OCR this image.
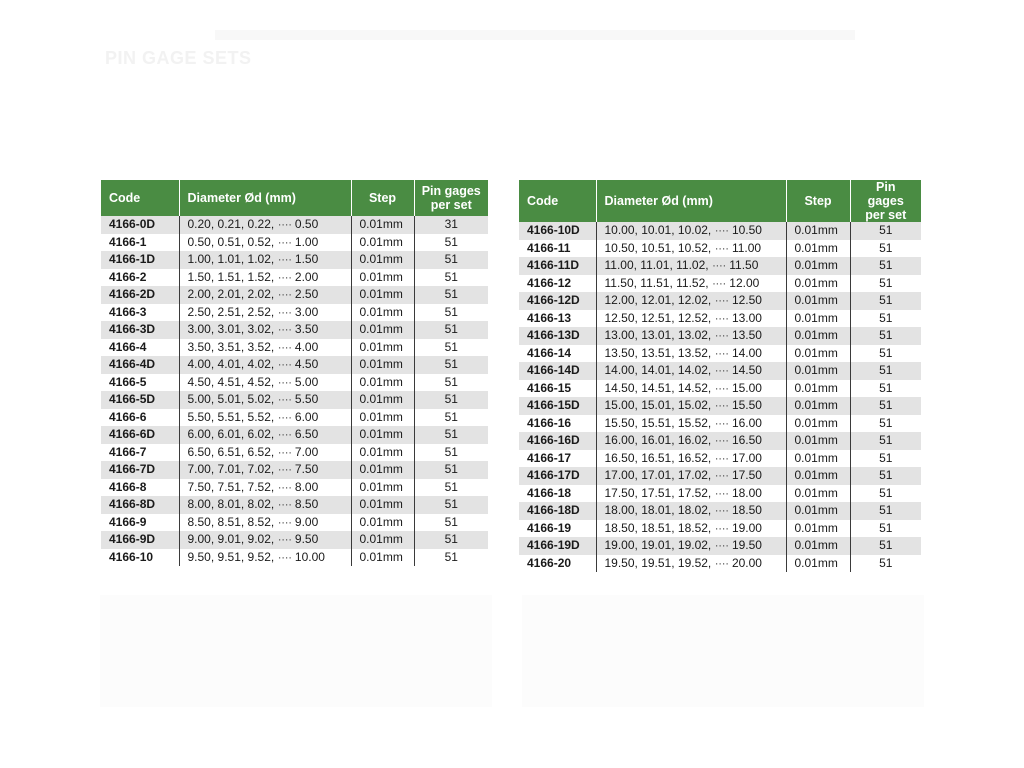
PIN GAGE SETS
Code	Diameter Ød (mm)	Step	Pin gages
per set
4166-0D	0.20, 0.21, 0.22, ···· 0.50	0.01mm	31
4166-1	0.50, 0.51, 0.52, ···· 1.00	0.01mm	51
4166-1D	1.00, 1.01, 1.02, ···· 1.50	0.01mm	51
4166-2	1.50, 1.51, 1.52, ···· 2.00	0.01mm	51
4166-2D	2.00, 2.01, 2.02, ···· 2.50	0.01mm	51
4166-3	2.50, 2.51, 2.52, ···· 3.00	0.01mm	51
4166-3D	3.00, 3.01, 3.02, ···· 3.50	0.01mm	51
4166-4	3.50, 3.51, 3.52, ···· 4.00	0.01mm	51
4166-4D	4.00, 4.01, 4.02, ···· 4.50	0.01mm	51
4166-5	4.50, 4.51, 4.52, ···· 5.00	0.01mm	51
4166-5D	5.00, 5.01, 5.02, ···· 5.50	0.01mm	51
4166-6	5.50, 5.51, 5.52, ···· 6.00	0.01mm	51
4166-6D	6.00, 6.01, 6.02, ···· 6.50	0.01mm	51
4166-7	6.50, 6.51, 6.52, ···· 7.00	0.01mm	51
4166-7D	7.00, 7.01, 7.02, ···· 7.50	0.01mm	51
4166-8	7.50, 7.51, 7.52, ···· 8.00	0.01mm	51
4166-8D	8.00, 8.01, 8.02, ···· 8.50	0.01mm	51
4166-9	8.50, 8.51, 8.52, ···· 9.00	0.01mm	51
4166-9D	9.00, 9.01, 9.02, ···· 9.50	0.01mm	51
4166-10	9.50, 9.51, 9.52, ···· 10.00	0.01mm	51
Code	Diameter Ød (mm)	Step	Pin gages
per set
4166-10D	10.00, 10.01, 10.02, ···· 10.50	0.01mm	51
4166-11	10.50, 10.51, 10.52, ···· 11.00	0.01mm	51
4166-11D	11.00, 11.01, 11.02, ···· 11.50	0.01mm	51
4166-12	11.50, 11.51, 11.52, ···· 12.00	0.01mm	51
4166-12D	12.00, 12.01, 12.02, ···· 12.50	0.01mm	51
4166-13	12.50, 12.51, 12.52, ···· 13.00	0.01mm	51
4166-13D	13.00, 13.01, 13.02, ···· 13.50	0.01mm	51
4166-14	13.50, 13.51, 13.52, ···· 14.00	0.01mm	51
4166-14D	14.00, 14.01, 14.02, ···· 14.50	0.01mm	51
4166-15	14.50, 14.51, 14.52, ···· 15.00	0.01mm	51
4166-15D	15.00, 15.01, 15.02, ···· 15.50	0.01mm	51
4166-16	15.50, 15.51, 15.52, ···· 16.00	0.01mm	51
4166-16D	16.00, 16.01, 16.02, ···· 16.50	0.01mm	51
4166-17	16.50, 16.51, 16.52, ···· 17.00	0.01mm	51
4166-17D	17.00, 17.01, 17.02, ···· 17.50	0.01mm	51
4166-18	17.50, 17.51, 17.52, ···· 18.00	0.01mm	51
4166-18D	18.00, 18.01, 18.02, ···· 18.50	0.01mm	51
4166-19	18.50, 18.51, 18.52, ···· 19.00	0.01mm	51
4166-19D	19.00, 19.01, 19.02, ···· 19.50	0.01mm	51
4166-20	19.50, 19.51, 19.52, ···· 20.00	0.01mm	51
